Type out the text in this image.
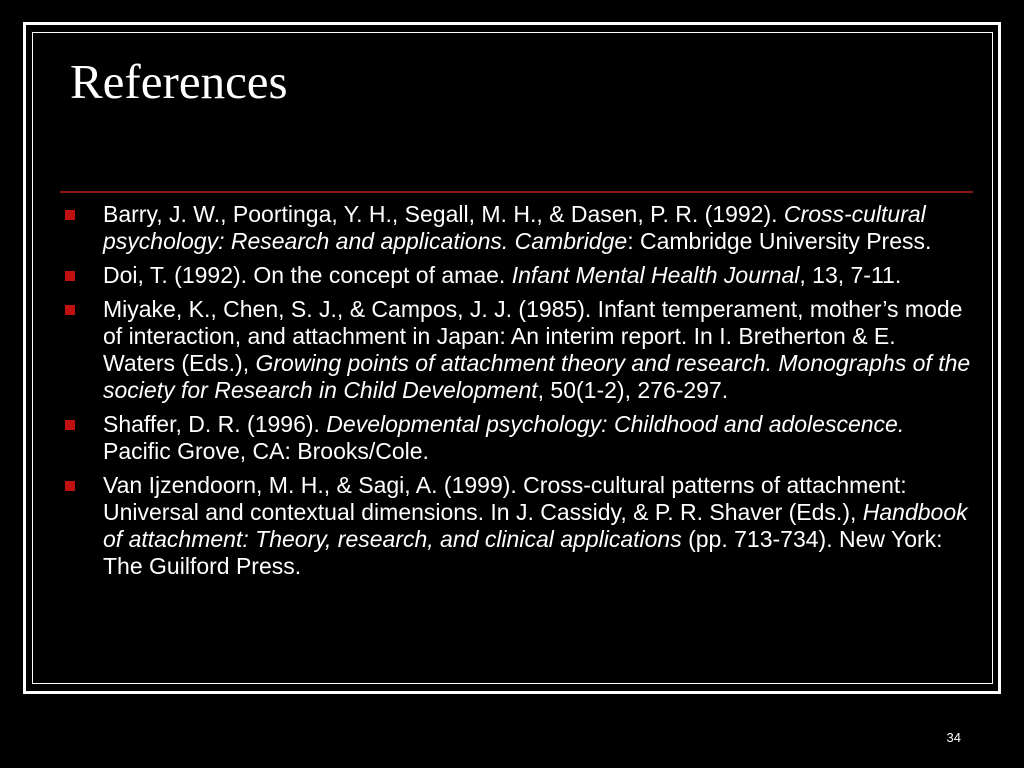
References
Barry, J. W., Poortinga, Y. H., Segall, M. H., & Dasen, P. R. (1992). Cross-cultural psychology: Research and applications. Cambridge: Cambridge University Press.
Doi, T. (1992). On the concept of amae. Infant Mental Health Journal, 13, 7-11.
Miyake, K., Chen, S. J., & Campos, J. J. (1985). Infant temperament, mother’s mode of interaction, and attachment in Japan: An interim report. In I. Bretherton & E. Waters (Eds.), Growing points of attachment theory and research. Monographs of the society for Research in Child Development, 50(1-2), 276-297.
Shaffer, D. R. (1996). Developmental psychology: Childhood and adolescence. Pacific Grove, CA: Brooks/Cole.
Van Ijzendoorn, M. H., & Sagi, A. (1999). Cross-cultural patterns of attachment: Universal and contextual dimensions. In J. Cassidy, & P. R. Shaver (Eds.), Handbook of attachment: Theory, research, and clinical applications (pp. 713-734). New York: The Guilford Press.
34
